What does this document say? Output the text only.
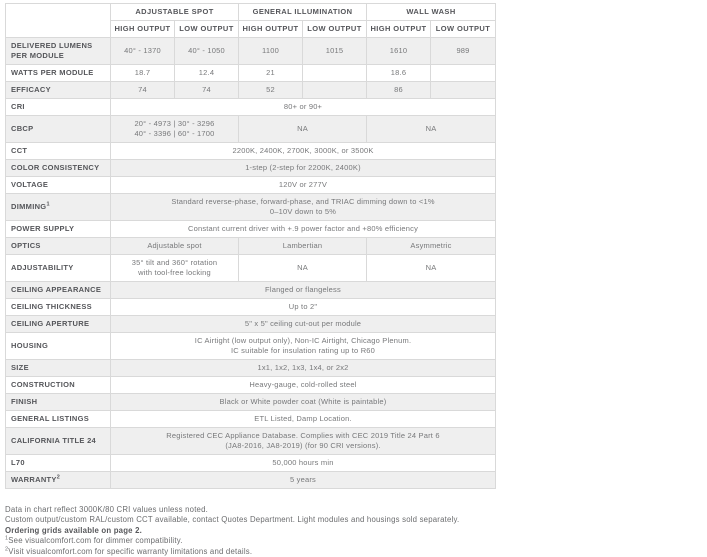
	ADJUSTABLE SPOT		GENERAL ILLUMINATION		WALL WASH	
	HIGH OUTPUT	LOW OUTPUT	HIGH OUTPUT	LOW OUTPUT	HIGH OUTPUT	LOW OUTPUT
DELIVERED LUMENS PER MODULE	40° - 1370	40° - 1050	1100	1015	1610	989

WATTS PER MODULE	18.7	12.4	21		18.6	

EFFICACY	74	74	52		86	

CRI	80+ or 90+					

CBCP	20° - 4973 | 30° - 3296
40° - 3396 | 60° - 1700		NA		NA	

CCT	2200K, 2400K, 2700K, 3000K, or 3500K					

COLOR CONSISTENCY	1-step (2-step for 2200K, 2400K)					

VOLTAGE	120V or 277V					

DIMMING$^1$	Standard reverse-phase, forward-phase, and TRIAC dimming down to <1%
0–10V down to 5%					

POWER SUPPLY	Constant current driver with +.9 power factor and +80% efficiency					

OPTICS	Adjustable spot		Lambertian		Asymmetric	

ADJUSTABILITY	35° tilt and 360° rotation
with tool-free locking		NA		NA	

CEILING APPEARANCE	Flanged or flangeless					

CEILING THICKNESS	Up to 2"					

CEILING APERTURE	5" x 5" ceiling cut-out per module					

HOUSING	IC Airtight (low output only), Non-IC Airtight, Chicago Plenum.
IC suitable for insulation rating up to R60					

SIZE	1x1, 1x2, 1x3, 1x4, or 2x2					

CONSTRUCTION	Heavy-gauge, cold-rolled steel					

FINISH	Black or White powder coat (White is paintable)					

GENERAL LISTINGS	ETL Listed, Damp Location.					

CALIFORNIA TITLE 24	Registered CEC Appliance Database. Complies with CEC 2019 Title 24 Part 6
(JA8-2016, JA8-2019) (for 90 CRI versions).					

L70	50,000 hours min					

WARRANTY$^2$	5 years					
Data in chart reflect 3000K/80 CRI values unless noted.
Custom output/custom RAL/custom CCT available, contact Quotes Department. Light modules and housings sold separately.
Ordering grids available on page 2.
$^1$See visualcomfort.com for dimmer compatibility.
$^2$Visit visualcomfort.com for specific warranty limitations and details.
